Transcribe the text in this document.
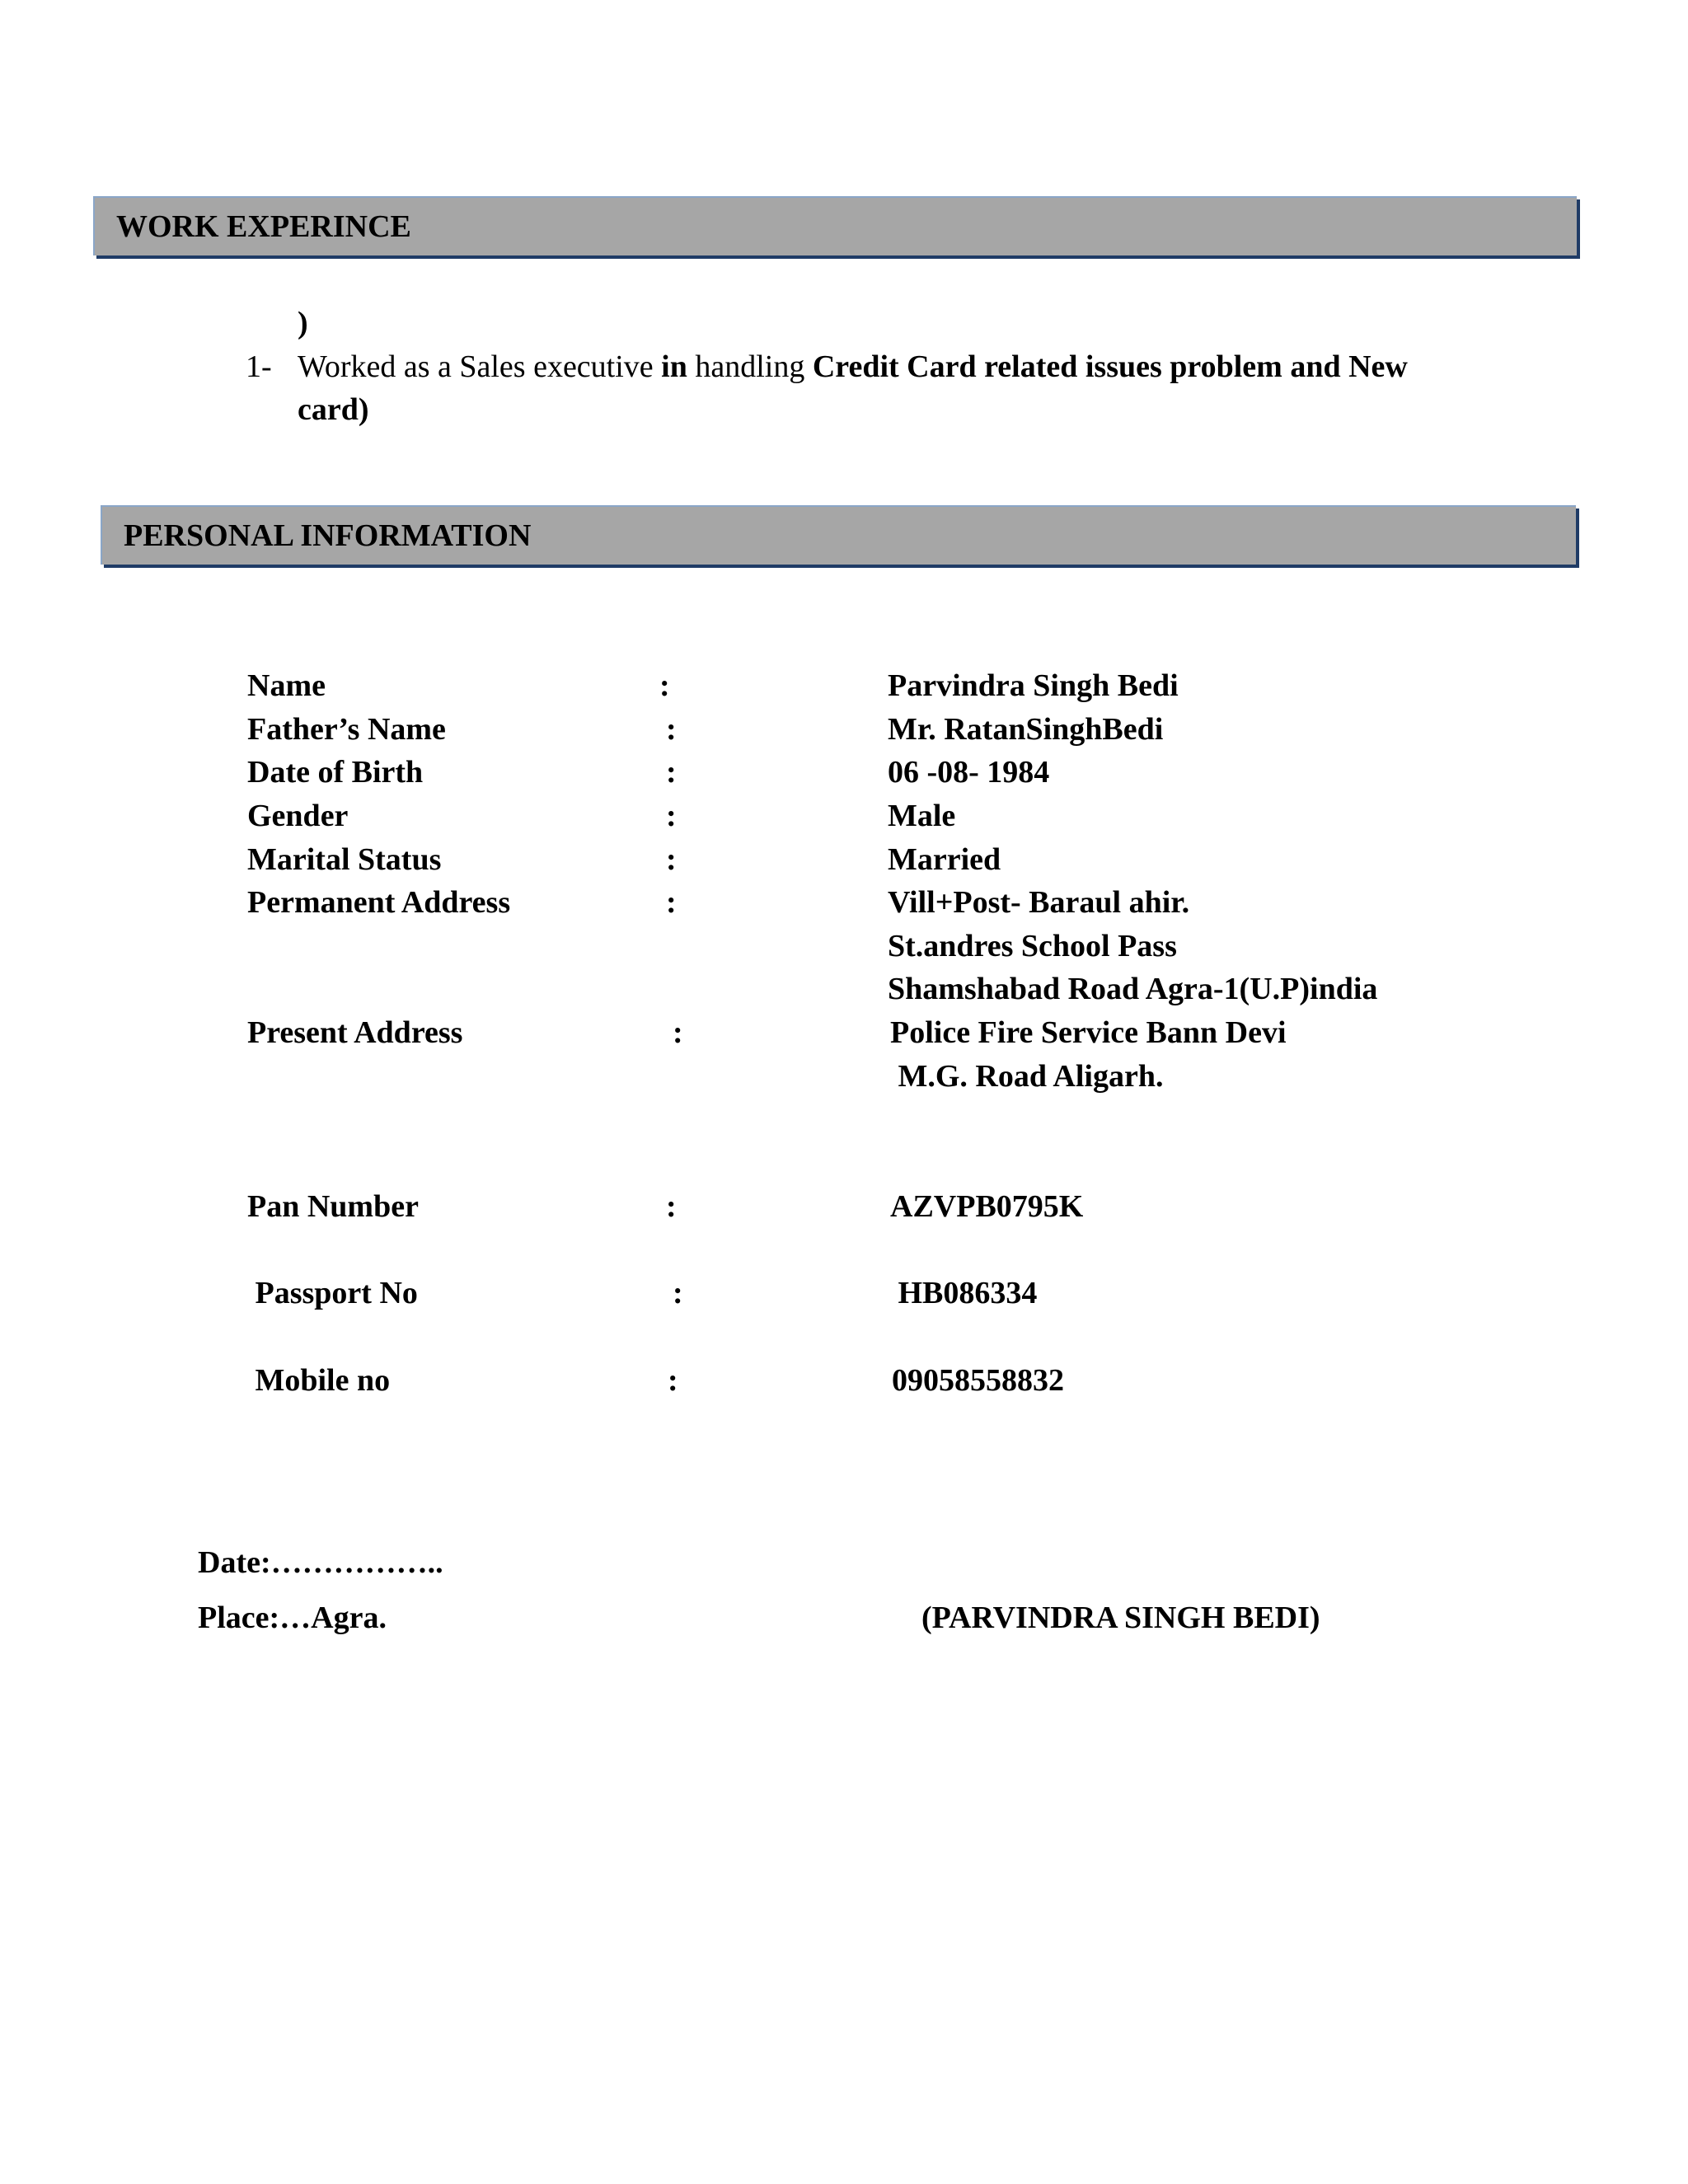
WORK EXPERINCE
)
1- Worked as a Sales executive in handling Credit Card related issues problem and New
card)
PERSONAL INFORMATION
Name	:	Parvindra Singh Bedi
Father’s Name	:	Mr. RatanSinghBedi
Date of Birth	:	06 -08- 1984
Gender	:	Male
Marital Status	:	Married
Permanent Address	:	Vill+Post- Baraul ahir.
St.andres School Pass
Shamshabad Road Agra-1(U.P)india
Present Address	:	Police Fire Service Bann Devi
M.G. Road Aligarh.
Pan Number	:	AZVPB0795K
Passport No	:	HB086334
Mobile no	:	09058558832
Date:……………..
Place:…Agra.	(PARVINDRA SINGH BEDI)
